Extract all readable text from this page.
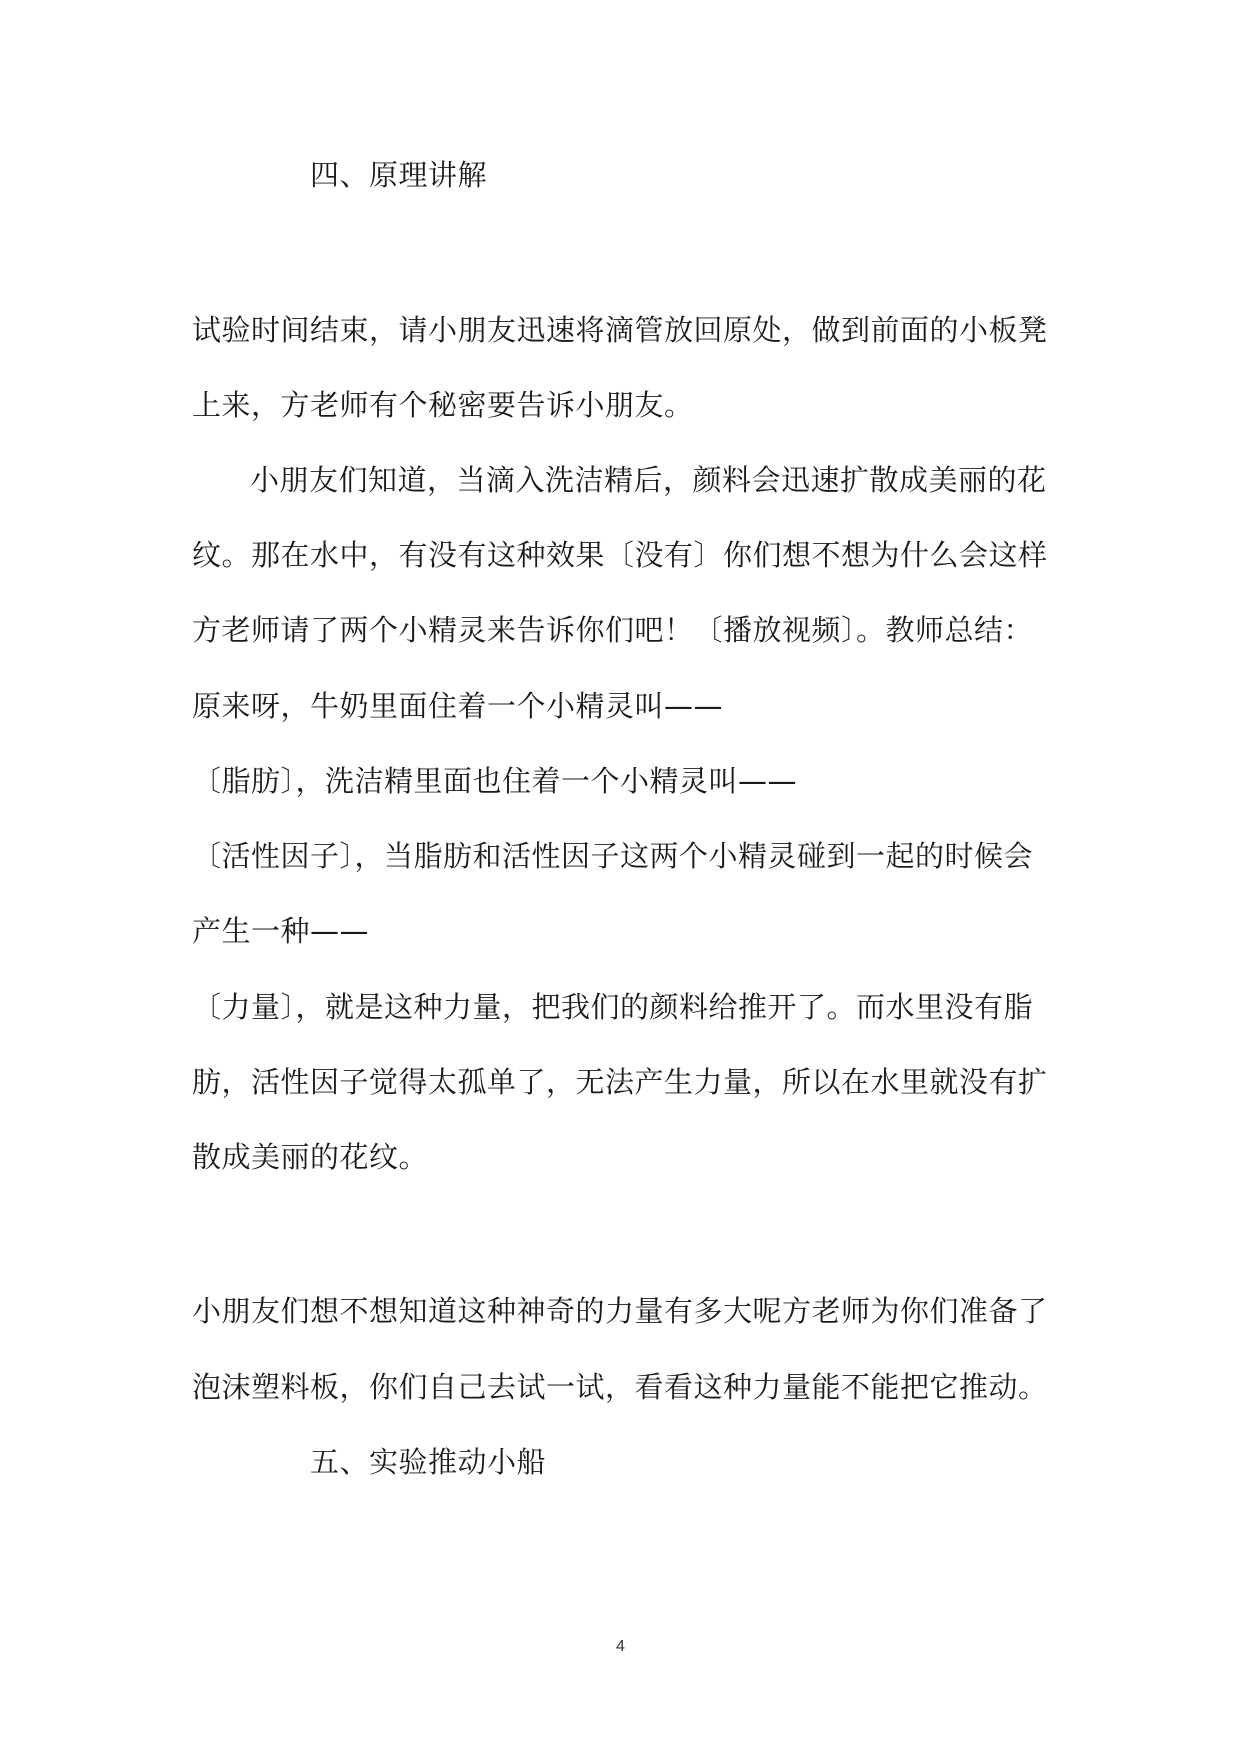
四、原理讲解
试验时间结束，请小朋友迅速将滴管放回原处，做到前面的小板凳
上来，方老师有个秘密要告诉小朋友。
小朋友们知道，当滴入洗洁精后，颜料会迅速扩散成美丽的花
纹。那在水中，有没有这种效果〔没有〕你们想不想为什么会这样
方老师请了两个小精灵来告诉你们吧！〔播放视频〕。教师总结：
原来呀，牛奶里面住着一个小精灵叫——
〔脂肪〕，洗洁精里面也住着一个小精灵叫——
〔活性因子〕，当脂肪和活性因子这两个小精灵碰到一起的时候会
产生一种——
〔力量〕，就是这种力量，把我们的颜料给推开了。而水里没有脂
肪，活性因子觉得太孤单了，无法产生力量，所以在水里就没有扩
散成美丽的花纹。
小朋友们想不想知道这种神奇的力量有多大呢方老师为你们准备了
泡沫塑料板，你们自己去试一试，看看这种力量能不能把它推动。
五、实验推动小船
4
